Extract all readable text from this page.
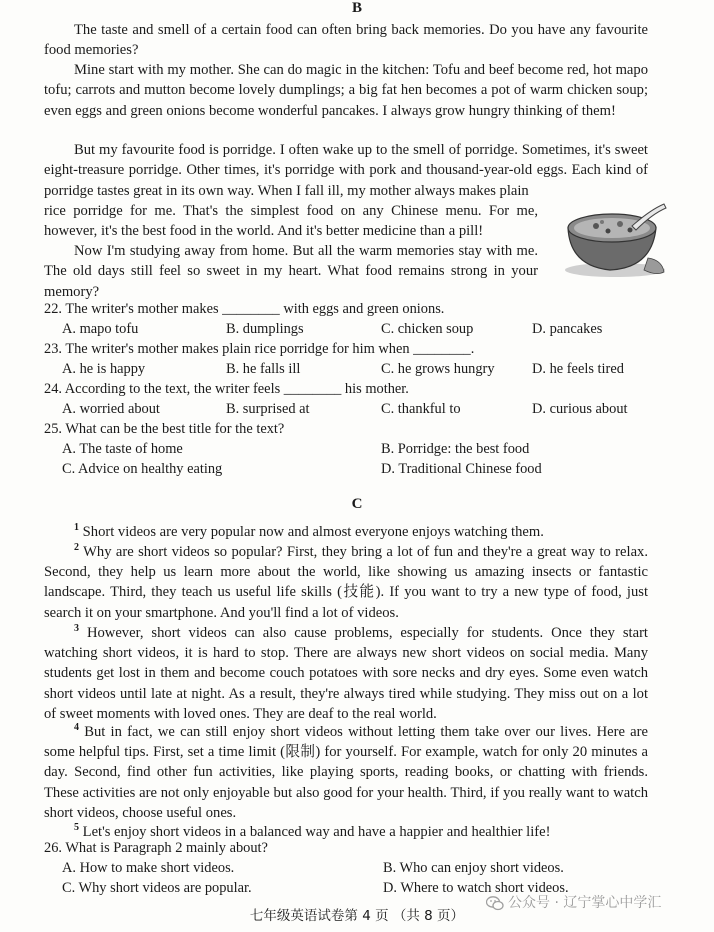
B

The taste and smell of a certain food can often bring back memories. Do you have any favourite food memories?

Mine start with my mother. She can do magic in the kitchen: Tofu and beef become red, hot mapo tofu; carrots and mutton become lovely dumplings; a big fat hen becomes a pot of warm chicken soup; even eggs and green onions become wonderful pancakes. I always grow hungry thinking of them!

But my favourite food is porridge. I often wake up to the smell of porridge. Sometimes, it's sweet eight-treasure porridge. Other times, it's porridge with pork and thousand-year-old eggs. Each kind of porridge tastes great in its own way. When I fall ill, my mother always makes plain

rice porridge for me. That's the simplest food on any Chinese menu. For me, however, it's the best food in the world. And it's better medicine than a pill!

Now I'm studying away from home. But all the warm memories stay with me. The old days still feel so sweet in my heart. What food remains strong in your memory?

22. The writer's mother makes ________ with eggs and green onions.
A. mapo tofu	B. dumplings	C. chicken soup	D. pancakes
23. The writer's mother makes plain rice porridge for him when ________.
A. he is happy	B. he falls ill	C. he grows hungry	D. he feels tired
24. According to the text, the writer feels ________ his mother.
A. worried about	B. surprised at	C. thankful to	D. curious about
25. What can be the best title for the text?
A. The taste of home	B. Porridge: the best food
C. Advice on healthy eating	D. Traditional Chinese food
C

$^1$ Short videos are very popular now and almost everyone enjoys watching them.

$^2$ Why are short videos so popular? First, they bring a lot of fun and they're a great way to relax. Second, they help us learn more about the world, like showing us amazing insects or fantastic landscape. Third, they teach us useful life skills (技能). If you want to try a new type of food, just search it on your smartphone. And you'll find a lot of videos.

$^3$ However, short videos can also cause problems, especially for students. Once they start watching short videos, it is hard to stop. There are always new short videos on social media. Many students get lost in them and become couch potatoes with sore necks and dry eyes. Some even watch short videos until late at night. As a result, they're always tired while studying. They miss out on a lot of sweet moments with loved ones. They are deaf to the real world.

$^4$ But in fact, we can still enjoy short videos without letting them take over our lives. Here are some helpful tips. First, set a time limit (限制) for yourself. For example, watch for only 20 minutes a day. Second, find other fun activities, like playing sports, reading books, or chatting with friends. These activities are not only enjoyable but also good for your health. Third, if you really want to watch short videos, choose useful ones.

$^5$ Let's enjoy short videos in a balanced way and have a happier and healthier life!

26. What is Paragraph 2 mainly about?
A. How to make short videos.	B. Who can enjoy short videos.
C. Why short videos are popular.	D. Where to watch short videos.
公众号 · 辽宁掌心中学汇
七年级英语试卷第 4 页 （共 8 页）
